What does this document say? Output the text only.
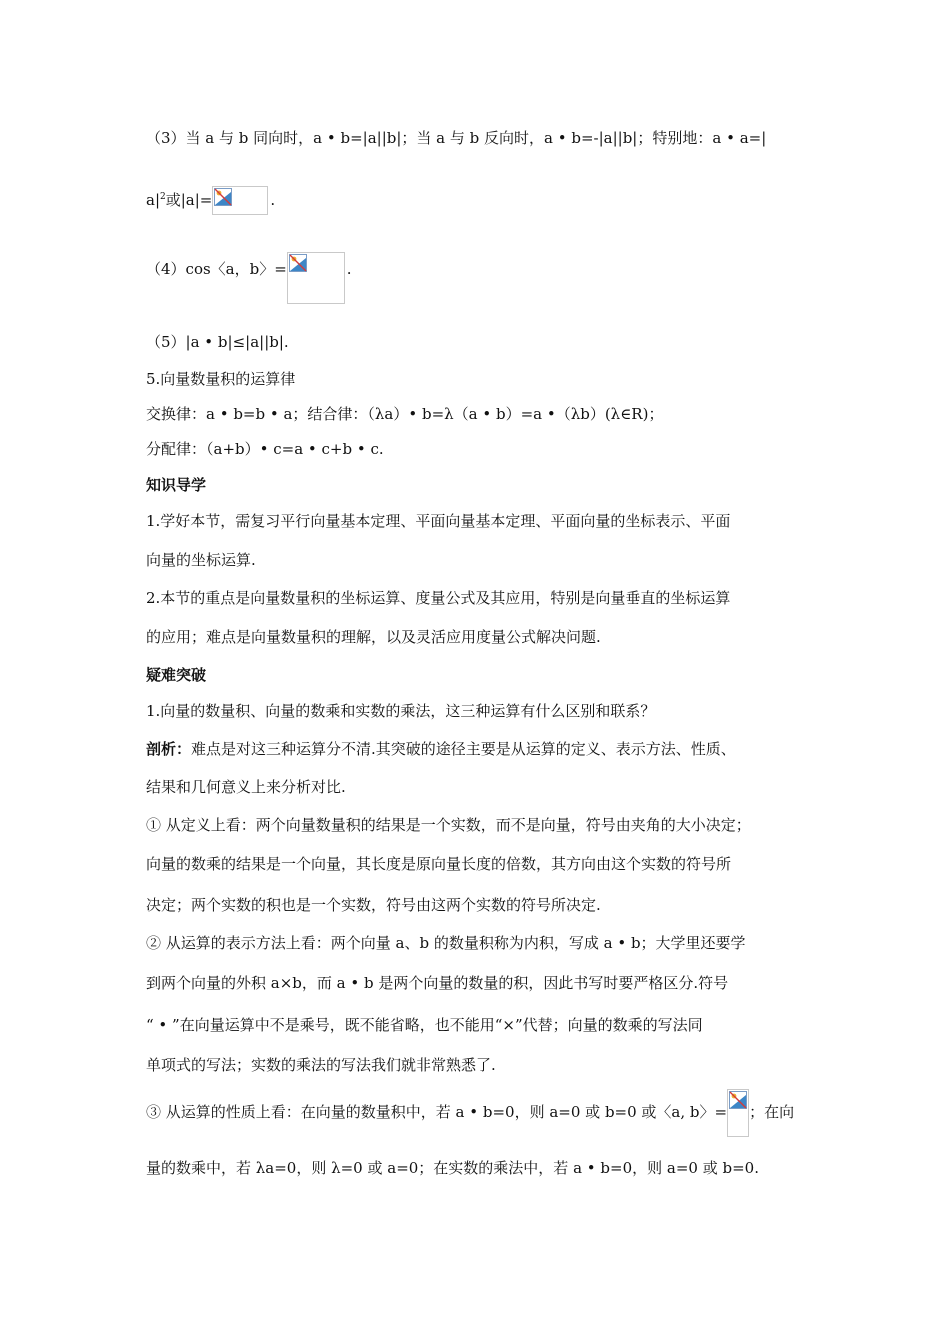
（3）当 a 与 b 同向时，a • b=|a||b|；当 a 与 b 反向时，a • b=-|a||b|；特别地：a • a=|
$a|^2$或|a|=	.
（4）cos〈a，b〉=	.
（5）|a • b|≤|a||b|.
5.向量数量积的运算律
交换律：a • b=b • a；结合律：（λa）• b=λ（a • b）=a •（λb）(λ∈R)；
分配律：（a+b）• c=a • c+b • c.
知识导学
1.学好本节，需复习平行向量基本定理、平面向量基本定理、平面向量的坐标表示、平面
向量的坐标运算.
2.本节的重点是向量数量积的坐标运算、度量公式及其应用，特别是向量垂直的坐标运算
的应用；难点是向量数量积的理解，以及灵活应用度量公式解决问题.
疑难突破
1.向量的数量积、向量的数乘和实数的乘法，这三种运算有什么区别和联系？
剖析：难点是对这三种运算分不清.其突破的途径主要是从运算的定义、表示方法、性质、
结果和几何意义上来分析对比.
① 从定义上看：两个向量数量积的结果是一个实数，而不是向量，符号由夹角的大小决定；
向量的数乘的结果是一个向量，其长度是原向量长度的倍数，其方向由这个实数的符号所
决定；两个实数的积也是一个实数，符号由这两个实数的符号所决定.
② 从运算的表示方法上看：两个向量 a、b 的数量积称为内积，写成 a • b；大学里还要学
到两个向量的外积 a×b，而 a • b 是两个向量的数量的积，因此书写时要严格区分.符号
“ • ”在向量运算中不是乘号，既不能省略，也不能用“×”代替；向量的数乘的写法同
单项式的写法；实数的乘法的写法我们就非常熟悉了.
③ 从运算的性质上看：在向量的数量积中，若 a • b=0，则 a=0 或 b=0 或〈a, b〉= ；在向
量的数乘中，若 λa=0，则 λ=0 或 a=0；在实数的乘法中，若 a • b=0，则 a=0 或 b=0.
